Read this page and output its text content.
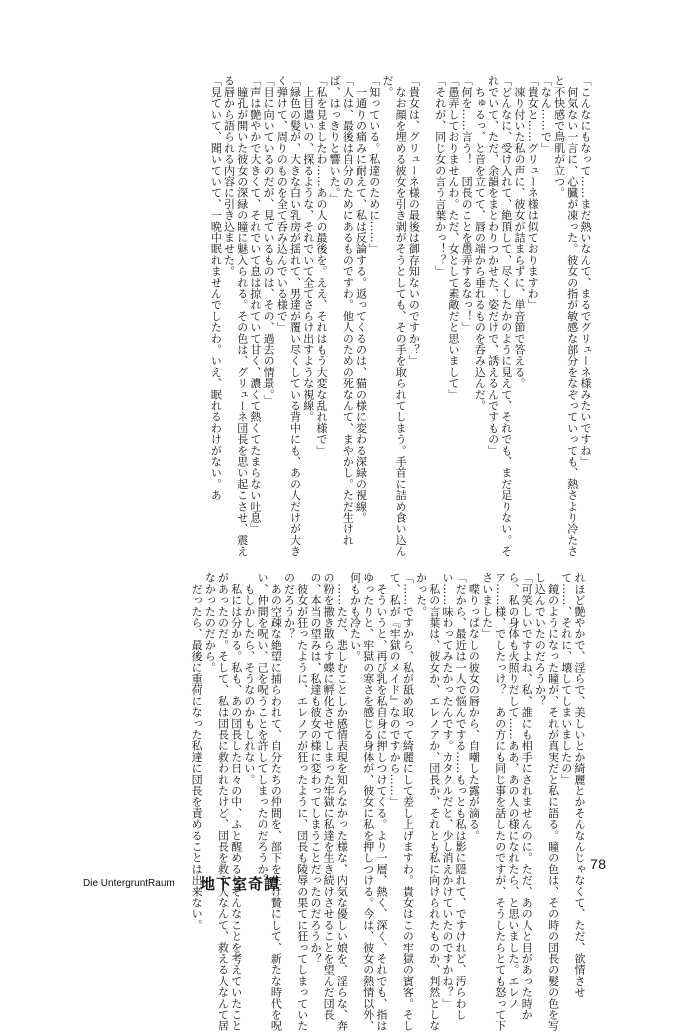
「こんなにもなって……まだ熱いなんて、まるでグリューネ様みたいですね」

　何気ない一言に、心臓が凍った。彼女の指が敏感な部分をなぞっていっても、熱さより冷たさと不快感で鳥肌が立つ。

「なん……で」

「貴女と……グリューネ様は似ておりますわ」

　凍り付いた私の声に、彼女が詰まらずに、単音節で答える。

「どんなに、受け入れて、絶頂して、尽くしたかのように見えて、それでも、まだ足りない。それでいて、ただ、余韻をまとわりつかせた、姿だけで、誘えるんですもの」

　ちゅるっ、と音を立てて、唇の端から垂れるものを呑み込んだ。

「何を……言う！　団長のことを愚弄するなっ！」

「愚弄しておりませんわ。ただ、女として素敵だと思いまして」

「それが、同じ女の言う言葉かっ！？」

「貴女は、グリューネ様の最後は御存知ないのですか？」

　なお顔を埋める彼女を引き剥がそうとしても、その手を取られてしまう。手首に詰め食い込んだ。

「知っている。私達のために……」

　一通りの痛みに耐えて、私は反論する。返ってくるのは、猫の様に変わる深緑の視線。

「人は、最後は自分のためにあるものですわ。他人のための死なんて、まやかし。ただ生ければ、はっきりと響いた。」

「私を見ましたわ……あの人の最後を。ええ、それはもう大変な乱れ様で」

　上目遣いの、探るような、それでいて全てさらけ出すような視線。

「緑色の髪が、大きな白い乳房が揺れて、男達が覆い尽くしている背中にも、あの人だけが大きく弾けて、周りのものを全て呑み込んでいる様で」

「目に向いているのだが、見ているものは、その、過去の情景。」

「声は艶やかで大きくて、それでいて息は掠れていて甘く、濃くて熱くてたまらない吐息」

　瞳孔が開いた彼女の深緑の瞳に魅入られる。その色は、グリューネ団長を思い起こさせ、震える唇から語られる内容に引き込ませた。

「見ていて、聞いていて、一晩中眠れませんでしたわ。いえ、眠れるわけがない。あ

れほど艶やかで、淫らで、美しいとか綺麗とかそんなんじゃなくて、ただ、欲情させて……、それに、壊してしまいましたの」

　鏡のようになった瞳が、それが真実だと私に語る。瞳の色は、その時の団長の髪の色を写し込んでいたのだろうか？

「可笑しいですよね、私、誰にも相手にされませんのに。ただ、あの人と目があった時から、私の身体も火照りだして……ああ、あの人の様になれたら、と思いました。エレノア……様、でしたっけ？　あの方にも同じ事を話したのですが、そうしたらとても怒って下さいました」

　喋りっぱなしの彼女の唇から、自嘲した露が滴る。

「だから、最近は一人で悩んでする……もっとも私は影に隠れて、ですけれど、汚らわしい……味わってみたかったんです。カタクルだと、少し消えかけていたのですかね？」

　私の言葉は、彼女か、エレノアか、団長か、それとも私に向けられたものか、判然としなかった。

「……ですから、私が舐め取って綺麗にして差し上げますわ。貴女はこの牢獄の賓客。そして、私が『牢獄のメイド』なのですから……」

　そういうと、再び乳を私自身に押しつけてくる。より一層、熱く、深く、それでも、指はゆったりと、牢獄の寒さを感じる身体が、彼女に私を押しつける。今は、彼女の熱情以外、何もかも冷たい。

　……ただ、悲しむことしか感情表現を知らなかった様な、内気な優しい娘を、淫らな、奔の粉を撒き散らす蝶に孵化させてしまった牢獄に私達を生き続けさせることを望んだ団長の、本当の望みは、私達も彼女の様に変わってしまうことだったのだろうか？

　彼女が狂ったように、エレノアが狂ったように、団長も陵辱の果てに狂ってしまっていたのだろうか？

　あの空疎な絶望に捕らわれて、自分たちの仲間を、部下を生け贄にして、新たな時代を呪い、仲間を呪い、己を呪うことを許してしまったのだろうか？

　もしかしたら、そうなのかもしれない。

　私には分かる。私も、あの団長した日々の中、ふと醒めるとそんなことを考えていたことがあったのだ。そして、私は団長に救われたけど、団長を救う人なんて、救える人なんて居なかったのだから。

　だったら、最後に重荷になった私達に団長を責めることは出来ない。	78
Die UntergruntRaum 地下室奇譚
